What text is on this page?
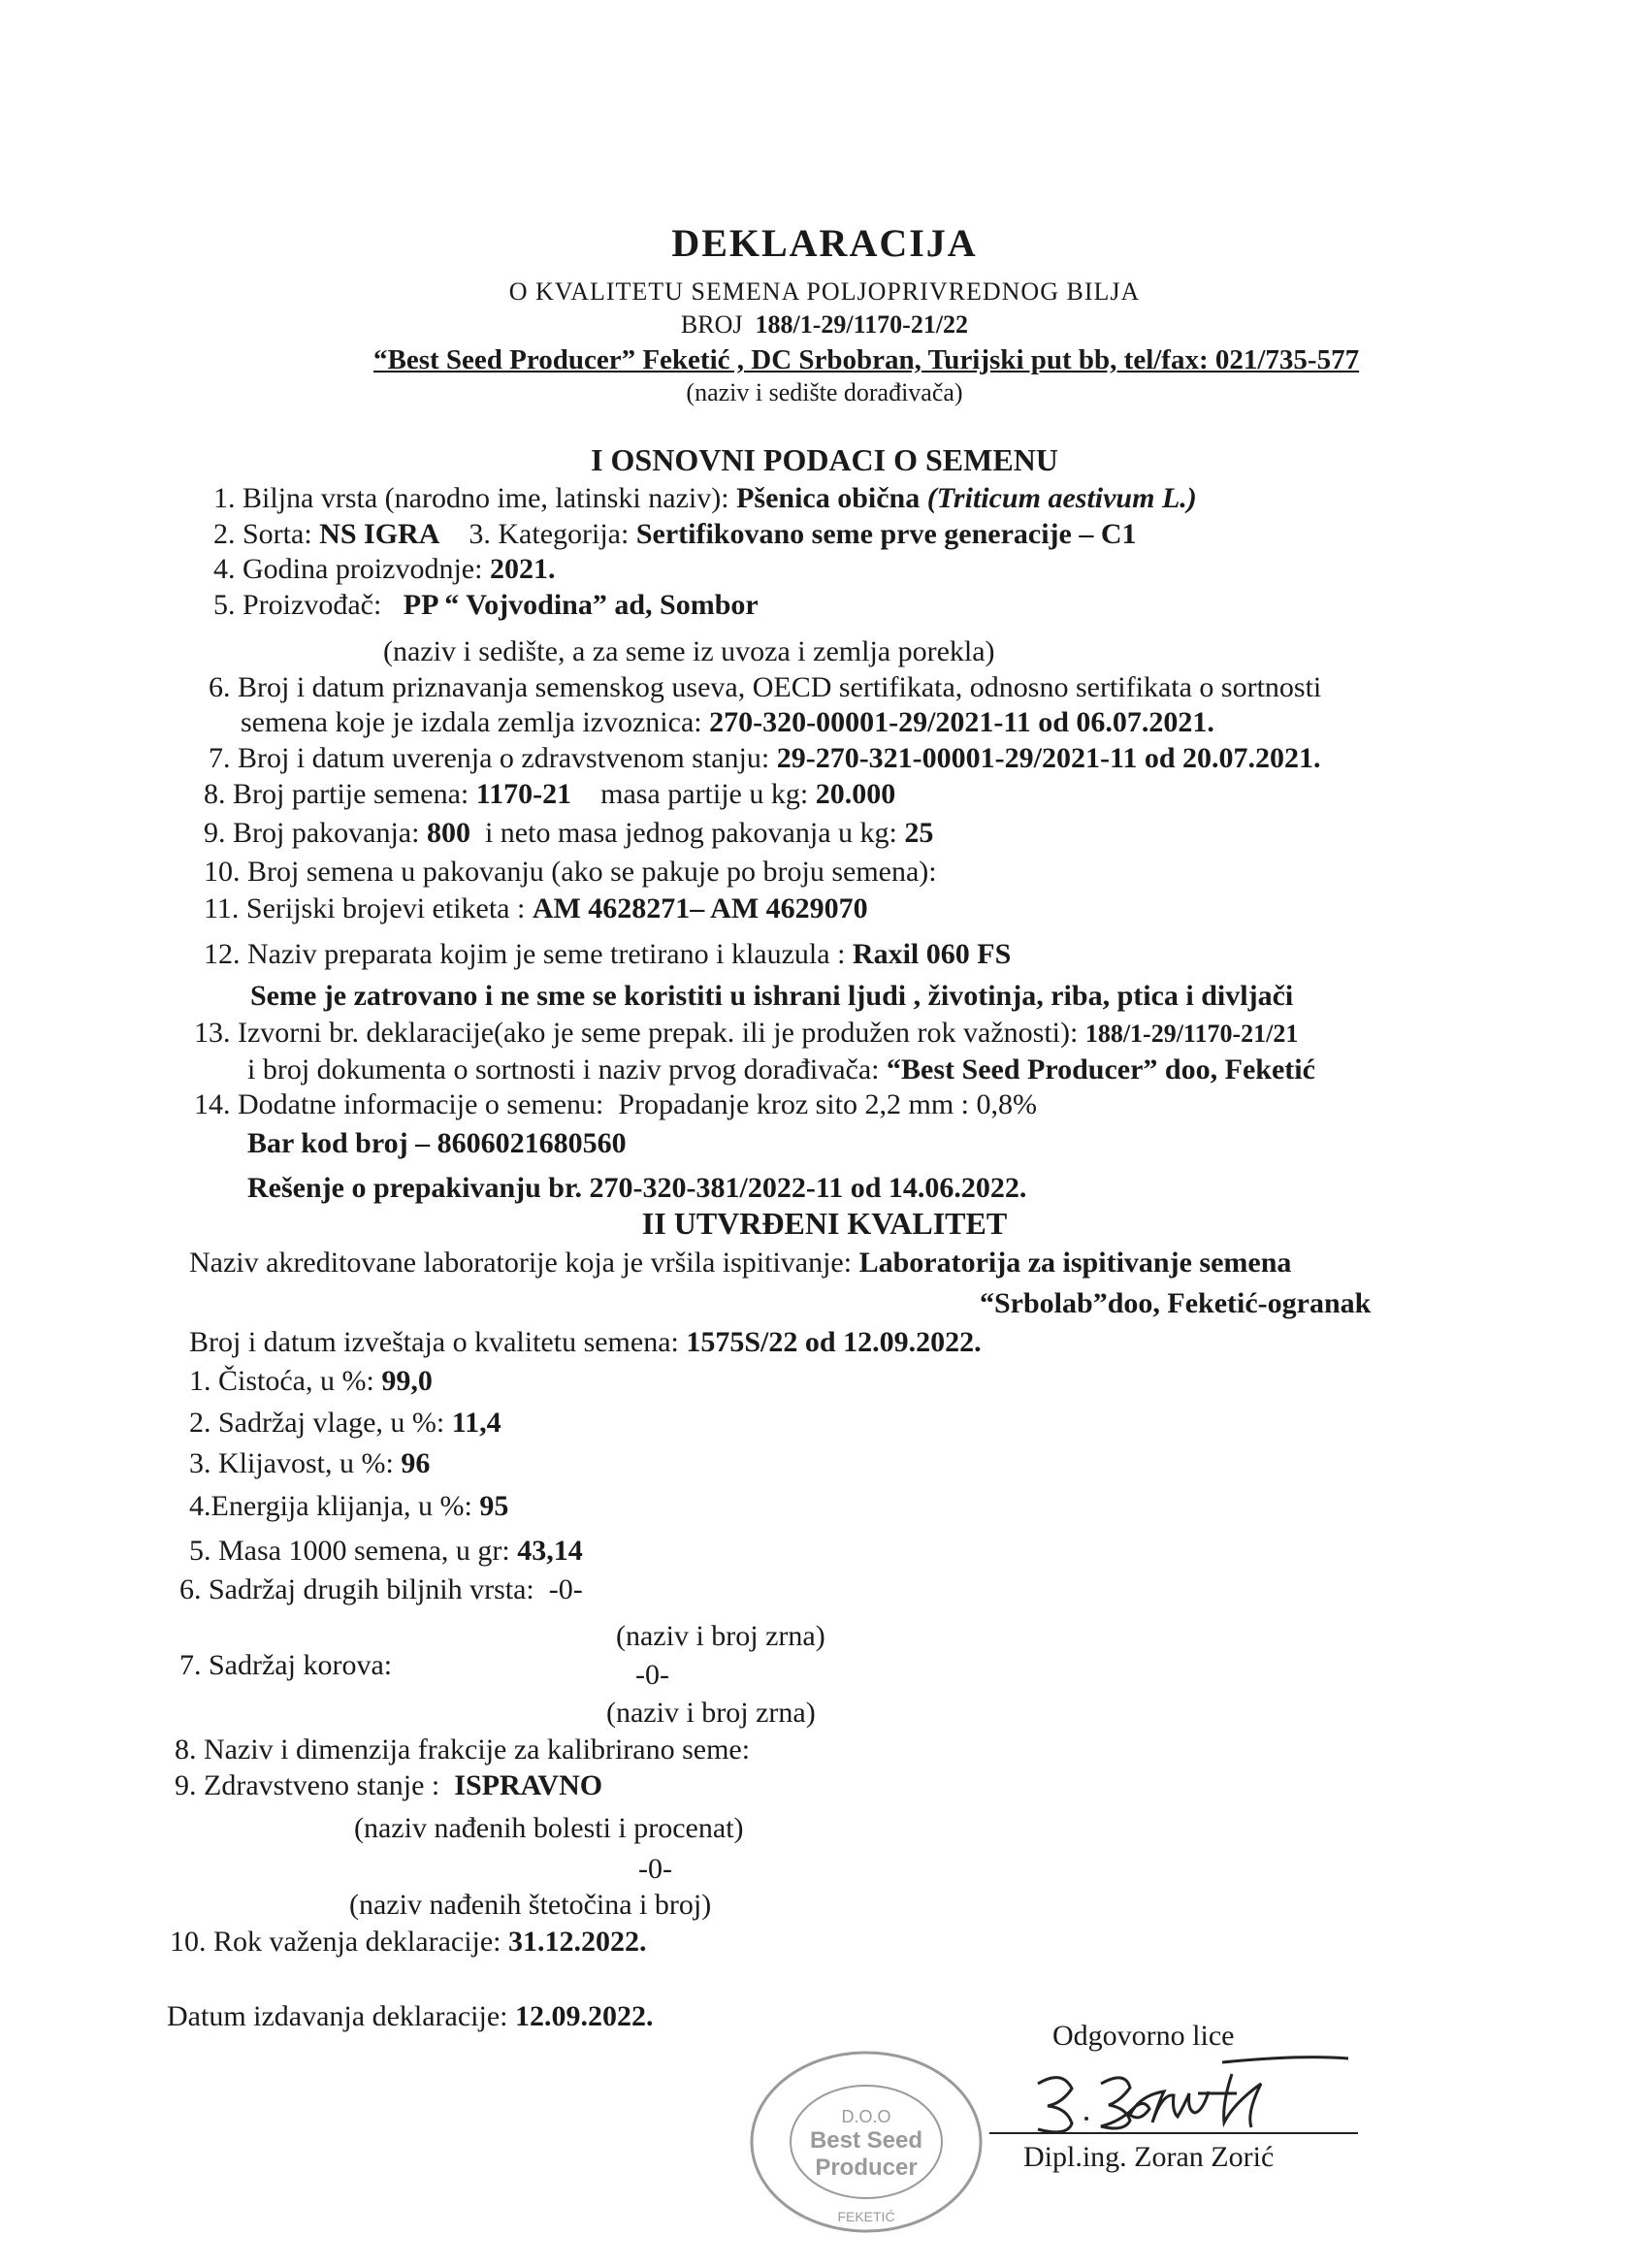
DEKLARACIJA
O KVALITETU SEMENA POLJOPRIVREDNOG BILJA
BROJ 188/1-29/1170-21/22
“Best Seed Producer” Feketić , DC Srbobran, Turijski put bb, tel/fax: 021/735-577
(naziv i sedište dorađivača)
I OSNOVNI PODACI O SEMENU
1. Biljna vrsta (narodno ime, latinski naziv): Pšenica obična (Triticum aestivum L.)
2. Sorta: NS IGRA 3. Kategorija: Sertifikovano seme prve generacije – C1
4. Godina proizvodnje: 2021.
5. Proizvođač: PP “ Vojvodina” ad, Sombor
(naziv i sedište, a za seme iz uvoza i zemlja porekla)
6. Broj i datum priznavanja semenskog useva, OECD sertifikata, odnosno sertifikata o sortnosti
semena koje je izdala zemlja izvoznica: 270-320-00001-29/2021-11 od 06.07.2021.
7. Broj i datum uverenja o zdravstvenom stanju: 29-270-321-00001-29/2021-11 od 20.07.2021.
8. Broj partije semena: 1170-21 masa partije u kg: 20.000
9. Broj pakovanja: 800 i neto masa jednog pakovanja u kg: 25
10. Broj semena u pakovanju (ako se pakuje po broju semena):
11. Serijski brojevi etiketa : AM 4628271– AM 4629070
12. Naziv preparata kojim je seme tretirano i klauzula : Raxil 060 FS
Seme je zatrovano i ne sme se koristiti u ishrani ljudi , životinja, riba, ptica i divljači
13. Izvorni br. deklaracije(ako je seme prepak. ili je produžen rok važnosti): 188/1-29/1170-21/21
i broj dokumenta o sortnosti i naziv prvog dorađivača: “Best Seed Producer” doo, Feketić
14. Dodatne informacije o semenu: Propadanje kroz sito 2,2 mm : 0,8%
Bar kod broj – 8606021680560
Rešenje o prepakivanju br. 270-320-381/2022-11 od 14.06.2022.
II UTVRĐENI KVALITET
Naziv akreditovane laboratorije koja je vršila ispitivanje: Laboratorija za ispitivanje semena
“Srbolab”doo, Feketić-ogranak
Broj i datum izveštaja o kvalitetu semena: 1575S/22 od 12.09.2022.
1. Čistoća, u %: 99,0
2. Sadržaj vlage, u %: 11,4
3. Klijavost, u %: 96
4.Energija klijanja, u %: 95
5. Masa 1000 semena, u gr: 43,14
6. Sadržaj drugih biljnih vrsta: -0-
(naziv i broj zrna)
7. Sadržaj korova:	-0-
(naziv i broj zrna)
8. Naziv i dimenzija frakcije za kalibrirano seme:
9. Zdravstveno stanje : ISPRAVNO
(naziv nađenih bolesti i procenat)
-0-
(naziv nađenih štetočina i broj)
10. Rok važenja deklaracije: 31.12.2022.
Datum izdavanja deklaracije: 12.09.2022.
Odgovorno lice
D.O.O
Best Seed
Producer
FEKETIĆ
Dipl.ing. Zoran Zorić
